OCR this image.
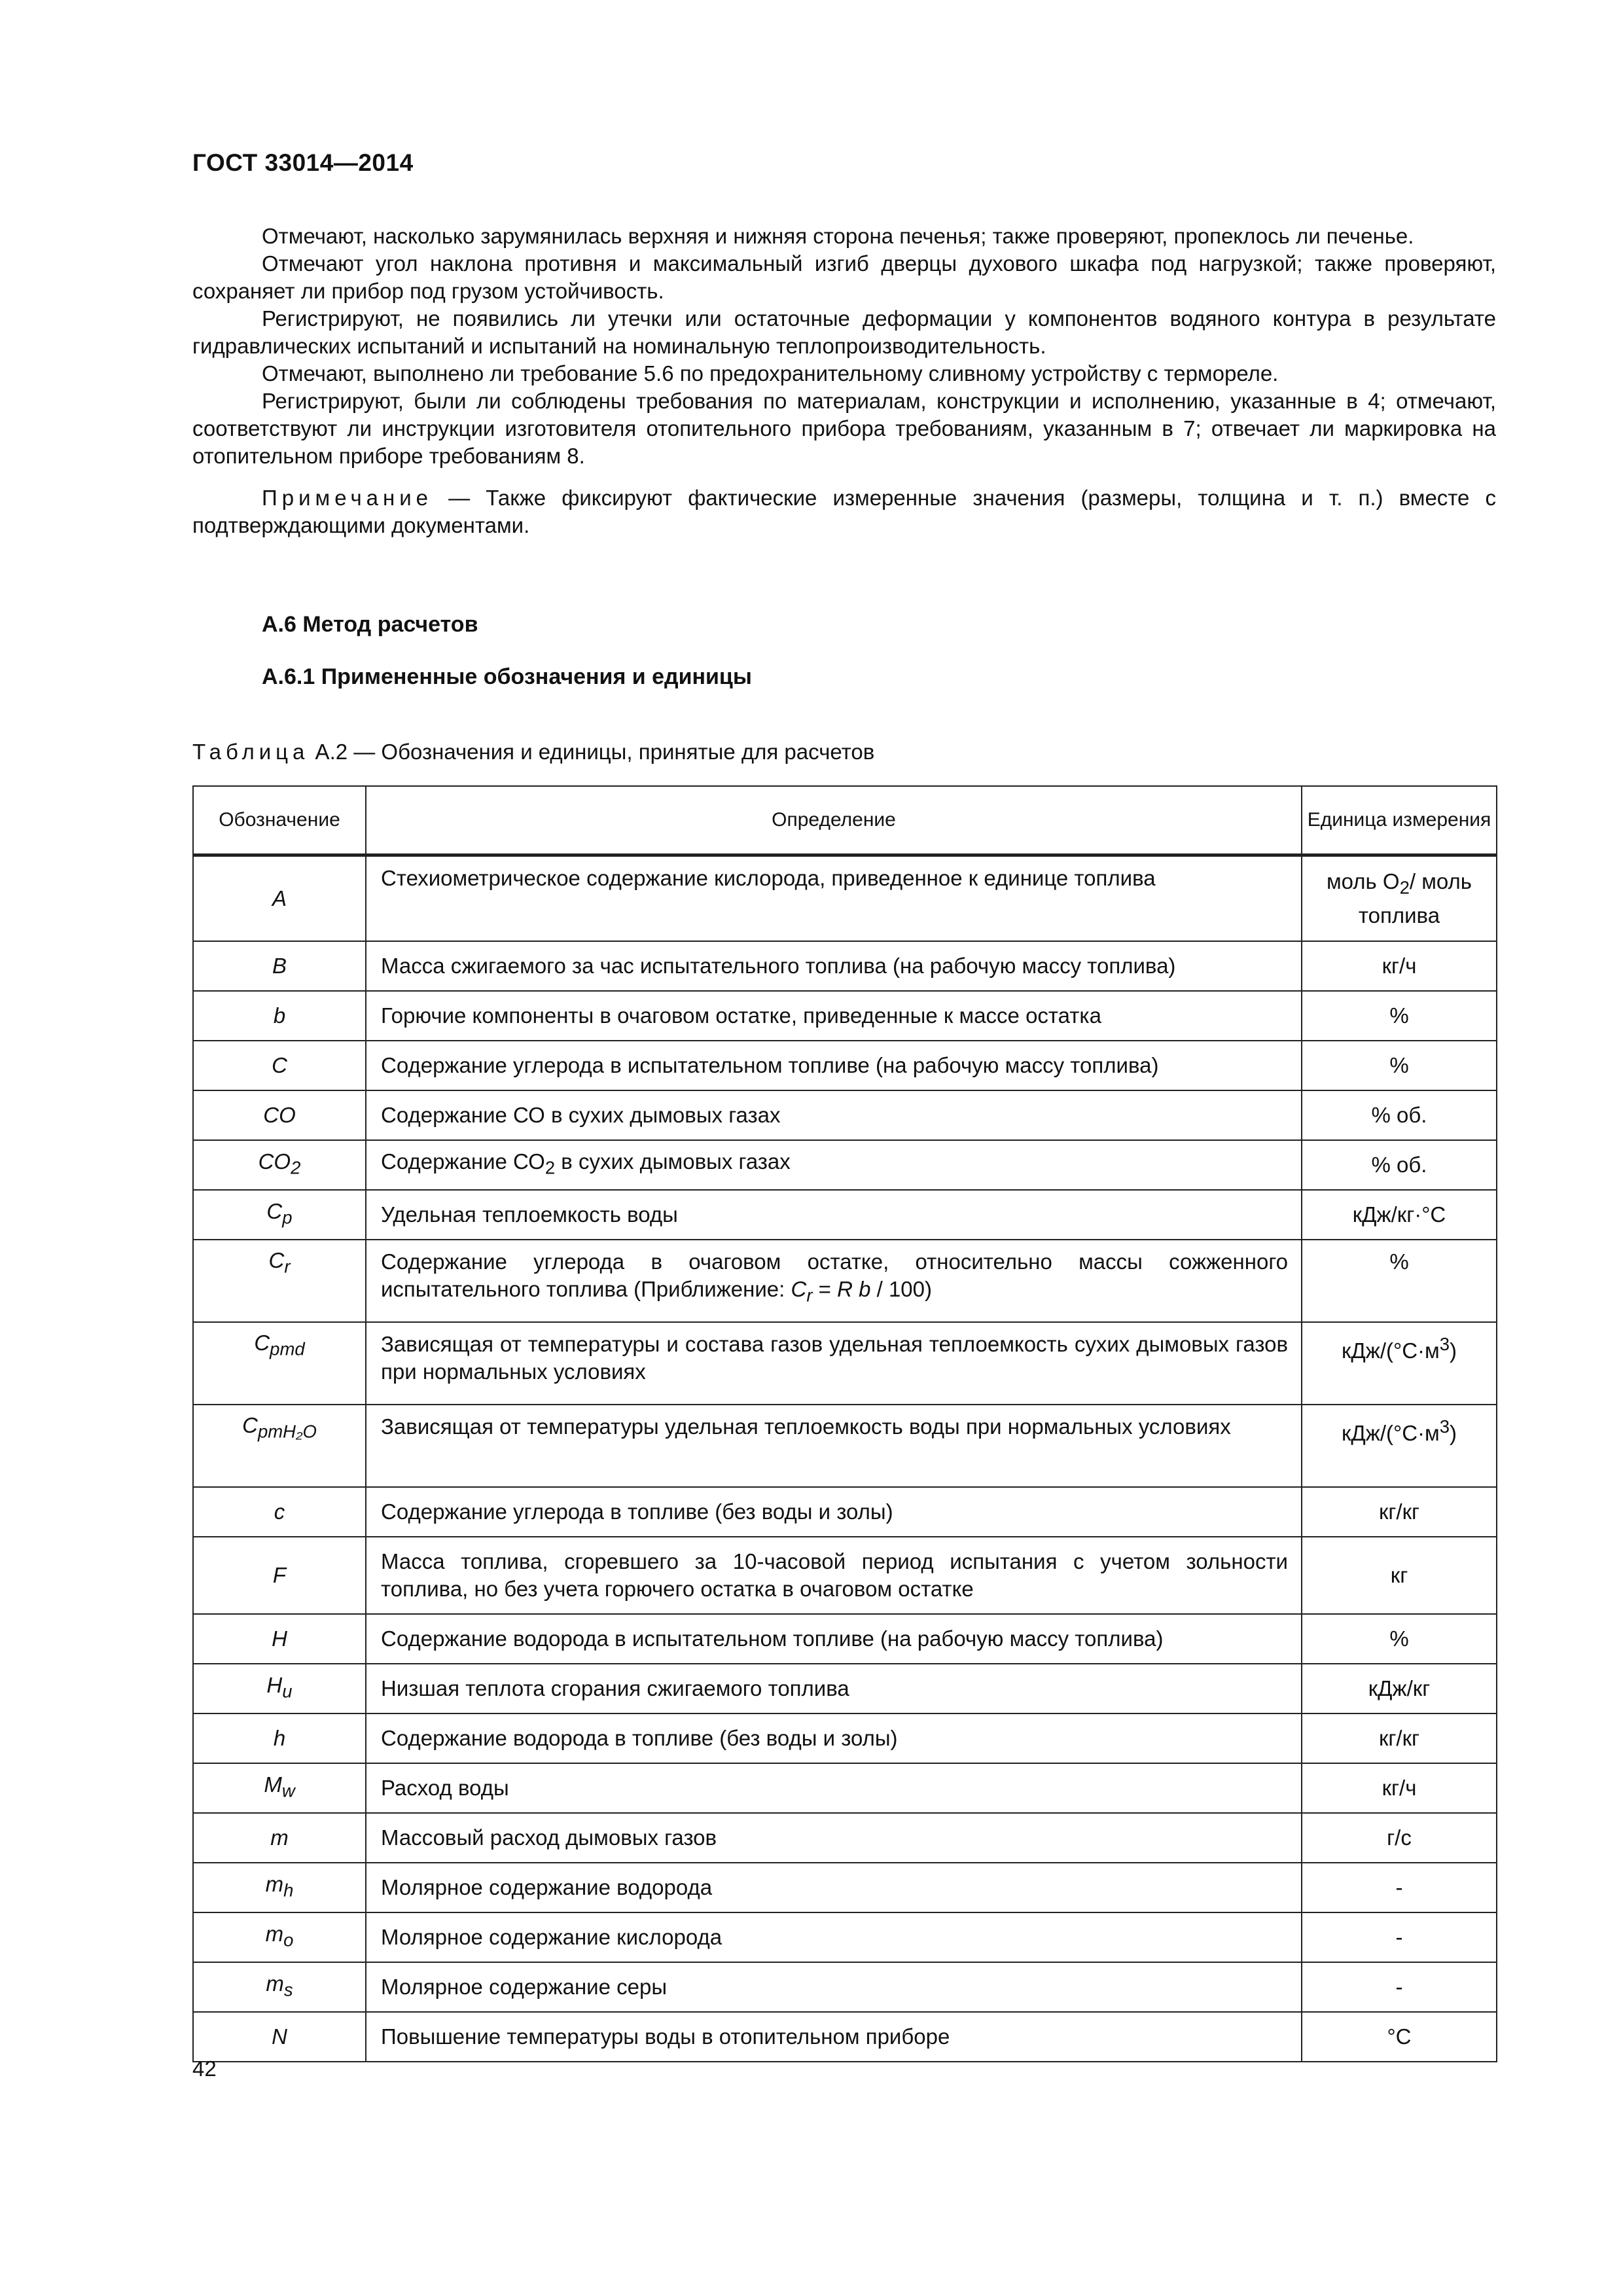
ГОСТ 33014—2014

Отмечают, насколько зарумянилась верхняя и нижняя сторона печенья; также проверяют, пропеклось ли печенье.

Отмечают угол наклона противня и максимальный изгиб дверцы духового шкафа под нагрузкой; также проверяют, сохраняет ли прибор под грузом устойчивость.

Регистрируют, не появились ли утечки или остаточные деформации у компонентов водяного контура в результате гидравлических испытаний и испытаний на номинальную теплопроизводительность.

Отмечают, выполнено ли требование 5.6 по предохранительному сливному устройству с термореле.

Регистрируют, были ли соблюдены требования по материалам, конструкции и исполнению, указанные в 4; отмечают, соответствуют ли инструкции изготовителя отопительного прибора требованиям, указанным в 7; отвечает ли маркировка на отопительном приборе требованиям 8.

Примечание — Также фиксируют фактические измеренные значения (размеры, толщина и т. п.) вместе с подтверждающими документами.

А.6 Метод расчетов
А.6.1 Примененные обозначения и единицы
Таблица А.2 — Обозначения и единицы, принятые для расчетов
Обозначение	Определение	Единица измерения
A	Стехиометрическое содержание кислорода, приведенное к единице топлива	моль $O_2/$ моль топлива
B	Масса сжигаемого за час испытательного топлива (на рабочую массу топлива)	кг/ч
b	Горючие компоненты в очаговом остатке, приведенные к массе остатка	%
C	Содержание углерода в испытательном топливе (на рабочую массу топлива)	%
CO	Содержание СО в сухих дымовых газах	% об.
$CO_2$	Содержание $СО_2$ в сухих дымовых газах	% об.
$C_p$	Удельная теплоемкость воды	кДж/кг·°С
$C_r$	Содержание углерода в очаговом остатке, относительно массы сожженного испытательного топлива (Приближение: $C_r = R$ b / 100)	%
$C_{pmd}$	Зависящая от температуры и состава газов удельная теплоемкость сухих дымовых газов при нормальных условиях	кДж/$(^\circ С\cdot м^3)$
$C_{pmH_2O}$	Зависящая от температуры удельная теплоемкость воды при нормальных условиях	кДж/$(^\circ С\cdot м^3)$
c	Содержание углерода в топливе (без воды и золы)	кг/кг
F	Масса топлива, сгоревшего за 10-часовой период испытания с учетом зольности топлива, но без учета горючего остатка в очаговом остатке	кг
H	Содержание водорода в испытательном топливе (на рабочую массу топлива)	%
$H_u$	Низшая теплота сгорания сжигаемого топлива	кДж/кг
h	Содержание водорода в топливе (без воды и золы)	кг/кг
$M_w$	Расход воды	кг/ч
m	Массовый расход дымовых газов	г/с
$m_h$	Молярное содержание водорода	-
$m_o$	Молярное содержание кислорода	-
$m_s$	Молярное содержание серы	-
N	Повышение температуры воды в отопительном приборе	°С
42
